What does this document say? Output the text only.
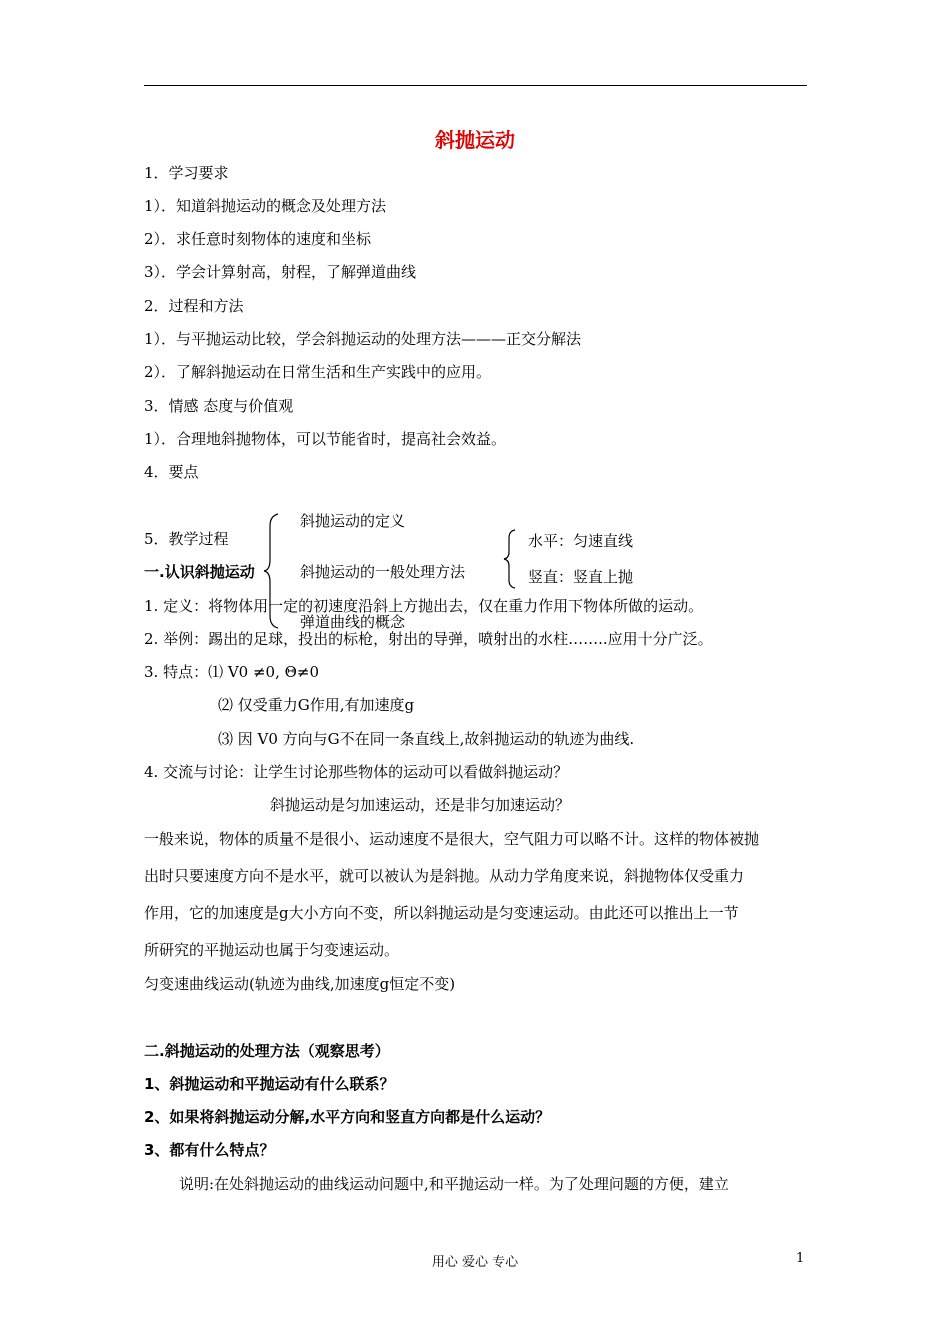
斜抛运动
1．学习要求
1）．知道斜抛运动的概念及处理方法
2）．求任意时刻物体的速度和坐标
3）．学会计算射高，射程，了解弹道曲线
2．过程和方法
1）．与平抛运动比较，学会斜抛运动的处理方法———正交分解法
2）．了解斜抛运动在日常生活和生产实践中的应用。
3．情感 态度与价值观
1）．合理地斜抛物体，可以节能省时，提高社会效益。
4．要点
5．教学过程
一.认识斜抛运动
斜抛运动的定义
斜抛运动的一般处理方法
弹道曲线的概念
水平：匀速直线
竖直：竖直上抛
1. 定义：将物体用一定的初速度沿斜上方抛出去，仅在重力作用下物体所做的运动。
2. 举例：踢出的足球，投出的标枪，射出的导弹，喷射出的水柱……..应用十分广泛。
3. 特点：⑴ V0 ≠0, Θ≠0
⑵ 仅受重力G作用,有加速度g
⑶ 因 V0 方向与G不在同一条直线上,故斜抛运动的轨迹为曲线.
4. 交流与讨论：让学生讨论那些物体的运动可以看做斜抛运动？
斜抛运动是匀加速运动，还是非匀加速运动？
一般来说，物体的质量不是很小、运动速度不是很大，空气阻力可以略不计。这样的物体被抛
出时只要速度方向不是水平，就可以被认为是斜抛。从动力学角度来说，斜抛物体仅受重力
作用，它的加速度是g大小方向不变，所以斜抛运动是匀变速运动。由此还可以推出上一节
所研究的平抛运动也属于匀变速运动。
匀变速曲线运动(轨迹为曲线,加速度g恒定不变)
二.斜抛运动的处理方法（观察思考）
1、斜抛运动和平抛运动有什么联系？
2、如果将斜抛运动分解,水平方向和竖直方向都是什么运动？
3、都有什么特点？
说明:在处斜抛运动的曲线运动问题中,和平抛运动一样。为了处理问题的方便，建立
用心 爱心 专心	1
